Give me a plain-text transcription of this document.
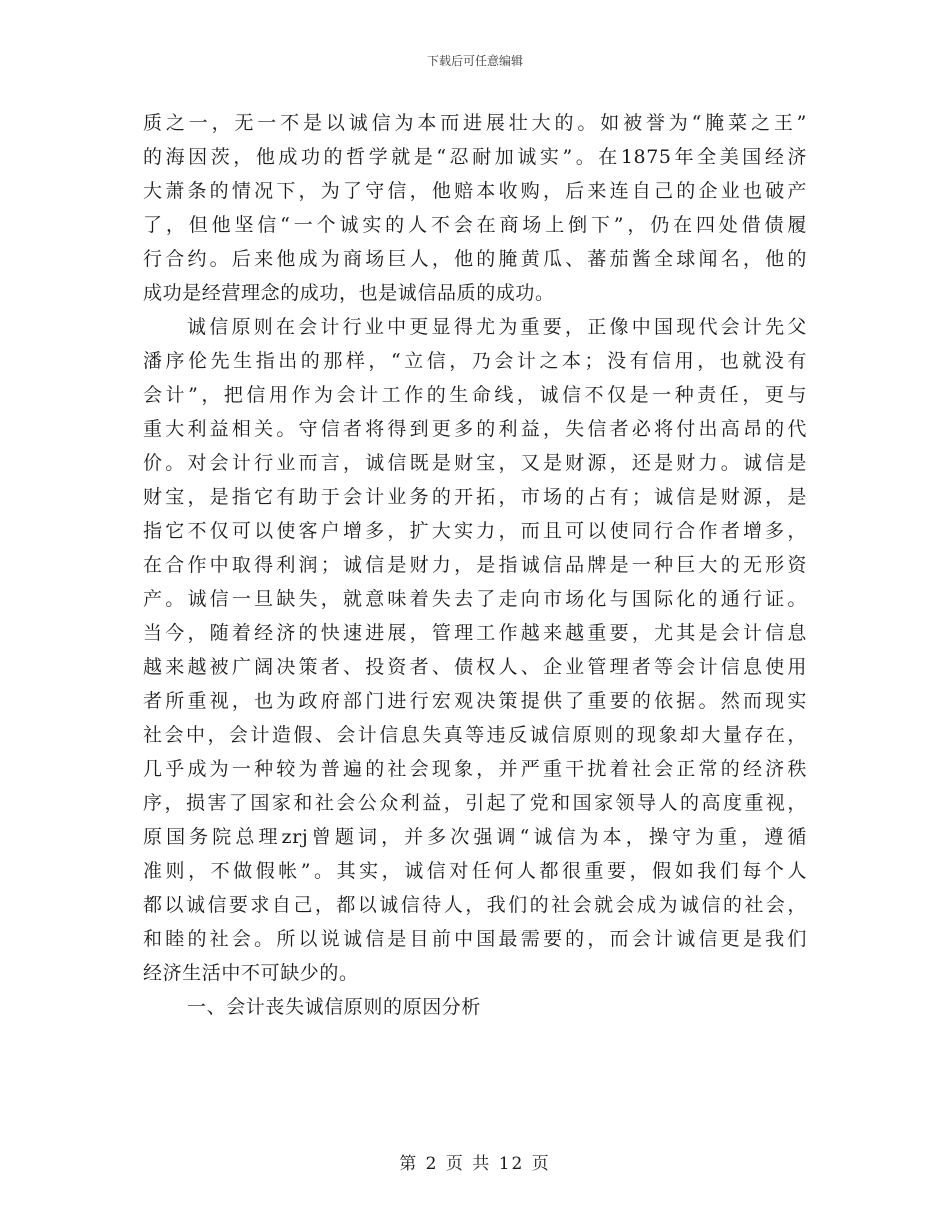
下载后可任意编辑
质之一，无一不是以诚信为本而进展壮大的。如被誉为“腌菜之王”
的海因茨，他成功的哲学就是“忍耐加诚实”。在1875年全美国经济
大萧条的情况下，为了守信，他赔本收购，后来连自己的企业也破产
了，但他坚信“一个诚实的人不会在商场上倒下”，仍在四处借债履
行合约。后来他成为商场巨人，他的腌黄瓜、蕃茄酱全球闻名，他的
成功是经营理念的成功，也是诚信品质的成功。
诚信原则在会计行业中更显得尤为重要，正像中国现代会计先父
潘序伦先生指出的那样，“立信，乃会计之本；没有信用，也就没有
会计”，把信用作为会计工作的生命线，诚信不仅是一种责任，更与
重大利益相关。守信者将得到更多的利益，失信者必将付出高昂的代
价。对会计行业而言，诚信既是财宝，又是财源，还是财力。诚信是
财宝，是指它有助于会计业务的开拓，市场的占有；诚信是财源，是
指它不仅可以使客户增多，扩大实力，而且可以使同行合作者增多，
在合作中取得利润；诚信是财力，是指诚信品牌是一种巨大的无形资
产。诚信一旦缺失，就意味着失去了走向市场化与国际化的通行证。
当今，随着经济的快速进展，管理工作越来越重要，尤其是会计信息
越来越被广阔决策者、投资者、债权人、企业管理者等会计信息使用
者所重视，也为政府部门进行宏观决策提供了重要的依据。然而现实
社会中，会计造假、会计信息失真等违反诚信原则的现象却大量存在，
几乎成为一种较为普遍的社会现象，并严重干扰着社会正常的经济秩
序，损害了国家和社会公众利益，引起了党和国家领导人的高度重视，
原国务院总理zrj曾题词，并多次强调“诚信为本，操守为重，遵循
准则，不做假帐”。其实，诚信对任何人都很重要，假如我们每个人
都以诚信要求自己，都以诚信待人，我们的社会就会成为诚信的社会，
和睦的社会。所以说诚信是目前中国最需要的，而会计诚信更是我们
经济生活中不可缺少的。
一、会计丧失诚信原则的原因分析
第 2 页 共 12 页
